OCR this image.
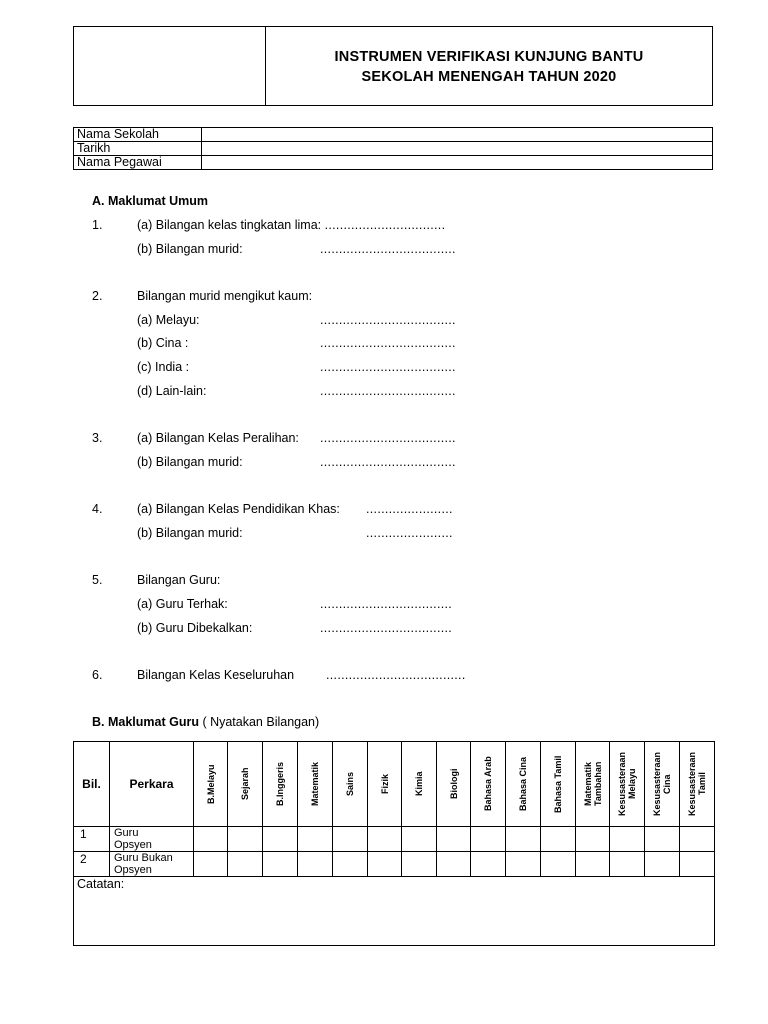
INSTRUMEN VERIFIKASI KUNJUNG BANTU
SEKOLAH MENENGAH TAHUN 2020
Nama Sekolah	
Tarikh	
Nama Pegawai	
A. Maklumat Umum
1.	(a) Bilangan kelas tingkatan lima: ................................
(b) Bilangan murid:	....................................
2.	Bilangan murid mengikut kaum:
(a) Melayu:	....................................
(b) Cina :	....................................
(c) India :	....................................
(d) Lain-lain:	....................................
3.	(a) Bilangan Kelas Peralihan: ....................................
(b) Bilangan murid:	....................................
4.	(a) Bilangan Kelas Pendidikan Khas: .......................
(b) Bilangan murid:	.......................
5.	Bilangan Guru:
(a) Guru Terhak:	...................................
(b) Guru Dibekalkan:	...................................
6.	Bilangan Kelas Keseluruhan	.....................................
B. Maklumat Guru ( Nyatakan Bilangan)
Bil.	Perkara	B.Melayu	Sejarah	B.Inggeris	Matematik	Sains	Fizik	Kimia	Biologi	Bahasa Arab	Bahasa Cina	Bahasa Tamil	Matematik Tambahan	Kesusasteraan Melayu	Kesusasteraan Cina	Kesusasteraan Tamil

1	Guru
Opsyen															
2	Guru Bukan
Opsyen															
Catatan:																
